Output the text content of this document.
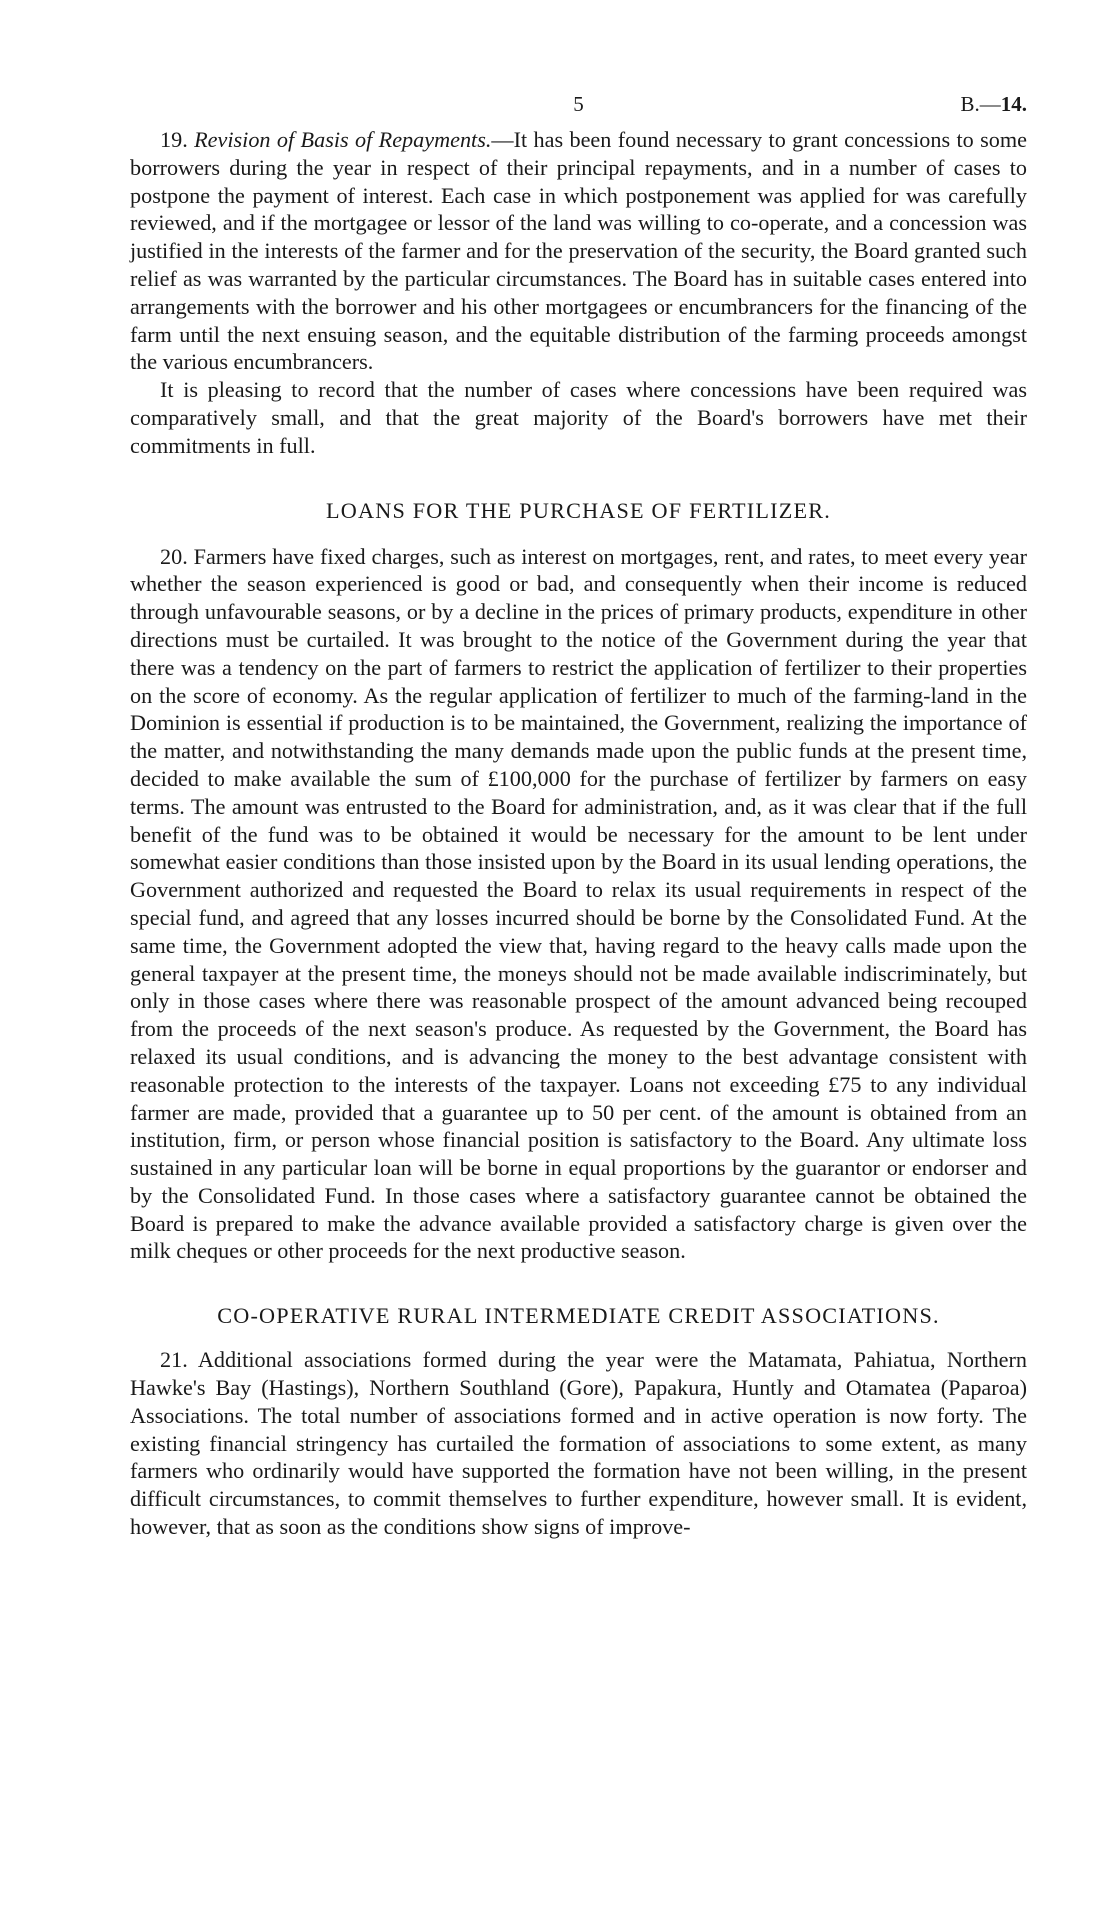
5	B.—14.

19. Revision of Basis of Repayments.—It has been found necessary to grant concessions to some borrowers during the year in respect of their principal repayments, and in a number of cases to postpone the payment of interest. Each case in which postponement was applied for was carefully reviewed, and if the mortgagee or lessor of the land was willing to co-operate, and a concession was justified in the interests of the farmer and for the preservation of the security, the Board granted such relief as was warranted by the particular circumstances. The Board has in suitable cases entered into arrangements with the borrower and his other mortgagees or encumbrancers for the financing of the farm until the next ensuing season, and the equitable distribution of the farming proceeds amongst the various encumbrancers.

It is pleasing to record that the number of cases where concessions have been required was comparatively small, and that the great majority of the Board's borrowers have met their commitments in full.

LOANS FOR THE PURCHASE OF FERTILIZER.

20. Farmers have fixed charges, such as interest on mortgages, rent, and rates, to meet every year whether the season experienced is good or bad, and consequently when their income is reduced through unfavourable seasons, or by a decline in the prices of primary products, expenditure in other directions must be curtailed. It was brought to the notice of the Government during the year that there was a tendency on the part of farmers to restrict the application of fertilizer to their properties on the score of economy. As the regular application of fertilizer to much of the farming-land in the Dominion is essential if production is to be maintained, the Government, realizing the importance of the matter, and notwithstanding the many demands made upon the public funds at the present time, decided to make available the sum of £100,000 for the purchase of fertilizer by farmers on easy terms. The amount was entrusted to the Board for administration, and, as it was clear that if the full benefit of the fund was to be obtained it would be necessary for the amount to be lent under somewhat easier conditions than those insisted upon by the Board in its usual lending operations, the Government authorized and requested the Board to relax its usual requirements in respect of the special fund, and agreed that any losses incurred should be borne by the Consolidated Fund. At the same time, the Government adopted the view that, having regard to the heavy calls made upon the general taxpayer at the present time, the moneys should not be made available indiscriminately, but only in those cases where there was reasonable prospect of the amount advanced being recouped from the proceeds of the next season's produce. As requested by the Government, the Board has relaxed its usual conditions, and is advancing the money to the best advantage consistent with reasonable protection to the interests of the taxpayer. Loans not exceeding £75 to any individual farmer are made, provided that a guarantee up to 50 per cent. of the amount is obtained from an institution, firm, or person whose financial position is satisfactory to the Board. Any ultimate loss sustained in any particular loan will be borne in equal proportions by the guarantor or endorser and by the Consolidated Fund. In those cases where a satisfactory guarantee cannot be obtained the Board is prepared to make the advance available provided a satisfactory charge is given over the milk cheques or other proceeds for the next productive season.

CO-OPERATIVE RURAL INTERMEDIATE CREDIT ASSOCIATIONS.

21. Additional associations formed during the year were the Matamata, Pahiatua, Northern Hawke's Bay (Hastings), Northern Southland (Gore), Papakura, Huntly and Otamatea (Paparoa) Associations. The total number of associations formed and in active operation is now forty. The existing financial stringency has curtailed the formation of associations to some extent, as many farmers who ordinarily would have supported the formation have not been willing, in the present difficult circumstances, to commit themselves to further expenditure, however small. It is evident, however, that as soon as the conditions show signs of improve-
